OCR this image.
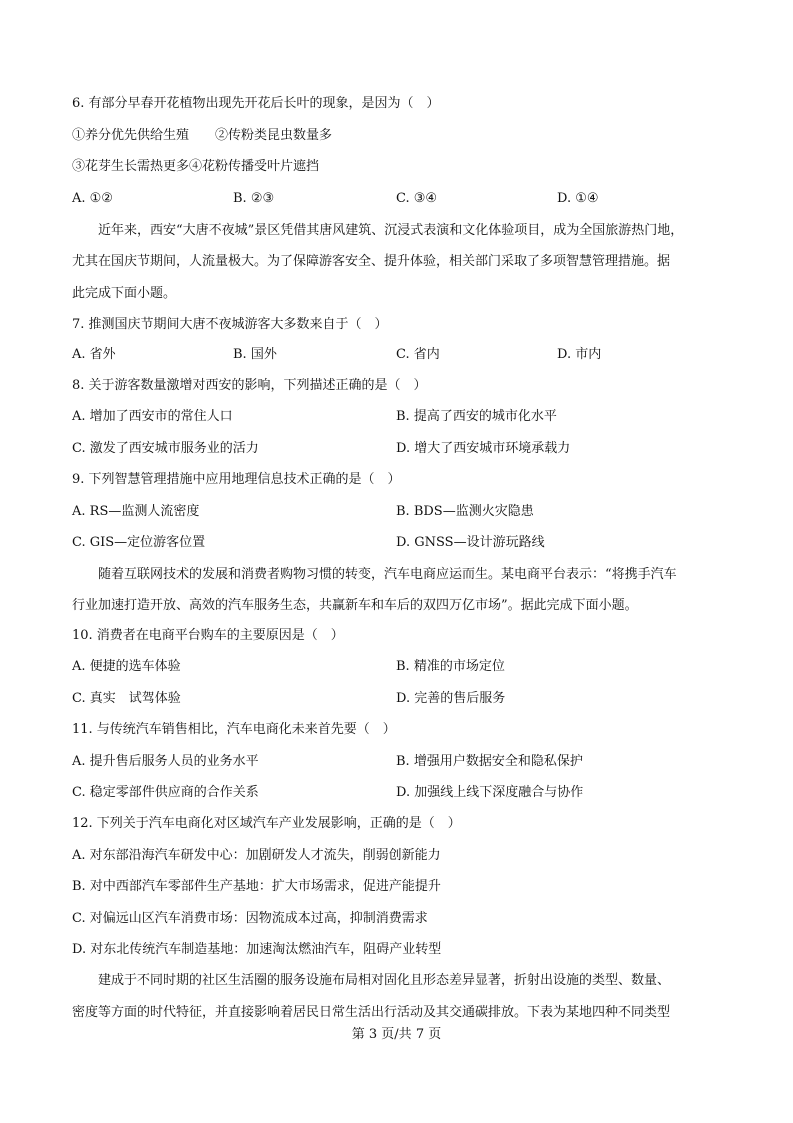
6. 有部分早春开花植物出现先开花后长叶的现象，是因为（　）
①养分优先供给生殖　　②传粉类昆虫数量多
③花芽生长需热更多④花粉传播受叶片遮挡
A. ①②	B. ②③	C. ③④	D. ①④
近年来，西安“大唐不夜城”景区凭借其唐风建筑、沉浸式表演和文化体验项目，成为全国旅游热门地，
尤其在国庆节期间，人流量极大。为了保障游客安全、提升体验，相关部门采取了多项智慧管理措施。据
此完成下面小题。
7. 推测国庆节期间大唐不夜城游客大多数来自于（　）
A. 省外	B. 国外	C. 省内	D. 市内
8. 关于游客数量激增对西安的影响，下列描述正确的是（　）
A. 增加了西安市的常住人口	B. 提高了西安的城市化水平
C. 激发了西安城市服务业的活力	D. 增大了西安城市环境承载力
9. 下列智慧管理措施中应用地理信息技术正确的是（　）
A. RS—监测人流密度	B. BDS—监测火灾隐患
C. GIS—定位游客位置	D. GNSS—设计游玩路线
随着互联网技术的发展和消费者购物习惯的转变，汽车电商应运而生。某电商平台表示：“将携手汽车
行业加速打造开放、高效的汽车服务生态，共赢新车和车后的双四万亿市场”。据此完成下面小题。
10. 消费者在电商平台购车的主要原因是（　）
A. 便捷的选车体验	B. 精准的市场定位
C. 真实　试驾体验	D. 完善的售后服务
11. 与传统汽车销售相比，汽车电商化未来首先要（　）
A. 提升售后服务人员的业务水平	B. 增强用户数据安全和隐私保护
C. 稳定零部件供应商的合作关系	D. 加强线上线下深度融合与协作
12. 下列关于汽车电商化对区域汽车产业发展影响，正确的是（　）
A. 对东部沿海汽车研发中心：加剧研发人才流失，削弱创新能力
B. 对中西部汽车零部件生产基地：扩大市场需求，促进产能提升
C. 对偏远山区汽车消费市场：因物流成本过高，抑制消费需求
D. 对东北传统汽车制造基地：加速淘汰燃油汽车，阻碍产业转型
建成于不同时期的社区生活圈的服务设施布局相对固化且形态差异显著，折射出设施的类型、数量、
密度等方面的时代特征，并直接影响着居民日常生活出行活动及其交通碳排放。下表为某地四种不同类型
第 3 页/共 7 页
